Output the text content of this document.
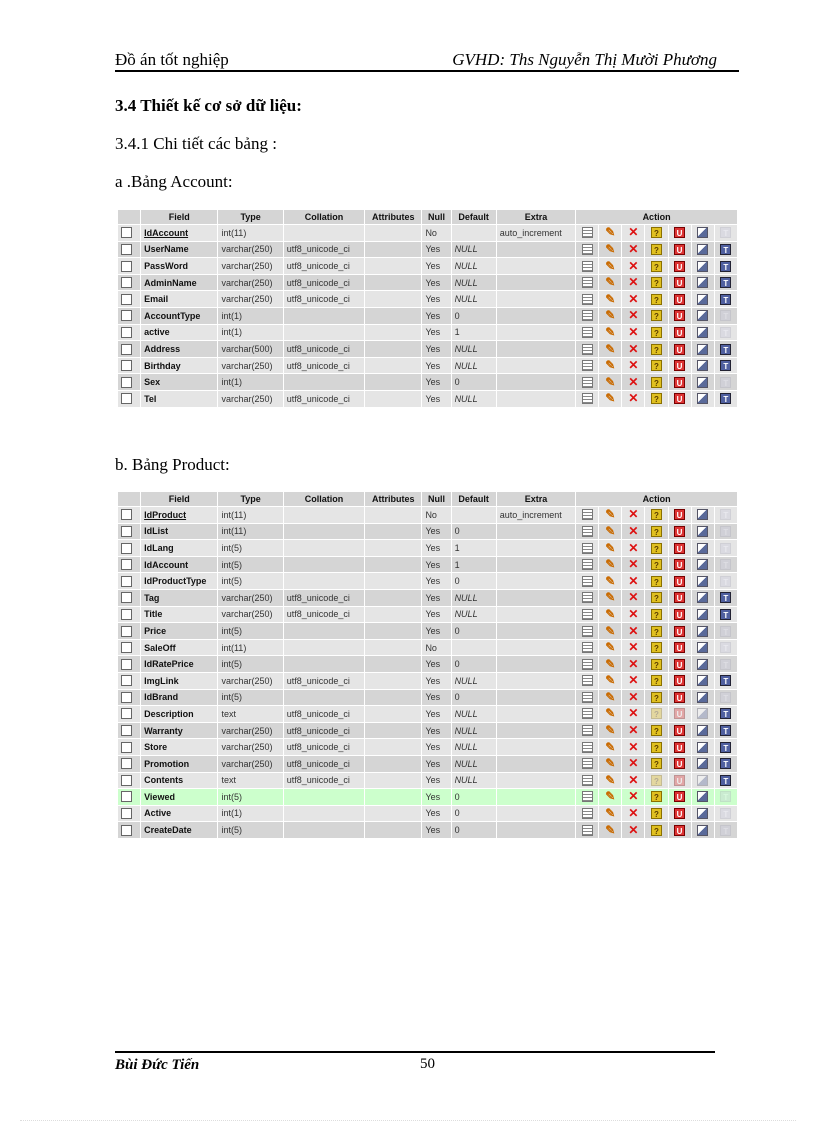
Đồ án tốt nghiệp	GVHD: Ths Nguyễn Thị Mười Phương
3.4 Thiết kế cơ sở dữ liệu:
3.4.1 Chi tiết các bảng :
a .Bảng Account:
	Field	Type	Collation	Attributes	Null	Default	Extra	Action						
	IdAccount	int(11)			No		auto_increment		✎	✕	?	U		T
	UserName	varchar(250)	utf8_unicode_ci		Yes	NULL			✎	✕	?	U		T
	PassWord	varchar(250)	utf8_unicode_ci		Yes	NULL			✎	✕	?	U		T
	AdminName	varchar(250)	utf8_unicode_ci		Yes	NULL			✎	✕	?	U		T
	Email	varchar(250)	utf8_unicode_ci		Yes	NULL			✎	✕	?	U		T
	AccountType	int(1)			Yes	0			✎	✕	?	U		T
	active	int(1)			Yes	1			✎	✕	?	U		T
	Address	varchar(500)	utf8_unicode_ci		Yes	NULL			✎	✕	?	U		T
	Birthday	varchar(250)	utf8_unicode_ci		Yes	NULL			✎	✕	?	U		T
	Sex	int(1)			Yes	0			✎	✕	?	U		T
	Tel	varchar(250)	utf8_unicode_ci		Yes	NULL			✎	✕	?	U		T
b. Bảng Product:
	Field	Type	Collation	Attributes	Null	Default	Extra	Action						
	IdProduct	int(11)			No		auto_increment		✎	✕	?	U		T
	IdList	int(11)			Yes	0			✎	✕	?	U		T
	IdLang	int(5)			Yes	1			✎	✕	?	U		T
	IdAccount	int(5)			Yes	1			✎	✕	?	U		T
	IdProductType	int(5)			Yes	0			✎	✕	?	U		T
	Tag	varchar(250)	utf8_unicode_ci		Yes	NULL			✎	✕	?	U		T
	Title	varchar(250)	utf8_unicode_ci		Yes	NULL			✎	✕	?	U		T
	Price	int(5)			Yes	0			✎	✕	?	U		T
	SaleOff	int(11)			No				✎	✕	?	U		T
	IdRatePrice	int(5)			Yes	0			✎	✕	?	U		T
	ImgLink	varchar(250)	utf8_unicode_ci		Yes	NULL			✎	✕	?	U		T
	IdBrand	int(5)			Yes	0			✎	✕	?	U		T
	Description	text	utf8_unicode_ci		Yes	NULL			✎	✕	?	U		T
	Warranty	varchar(250)	utf8_unicode_ci		Yes	NULL			✎	✕	?	U		T
	Store	varchar(250)	utf8_unicode_ci		Yes	NULL			✎	✕	?	U		T
	Promotion	varchar(250)	utf8_unicode_ci		Yes	NULL			✎	✕	?	U		T
	Contents	text	utf8_unicode_ci		Yes	NULL			✎	✕	?	U		T
	Viewed	int(5)			Yes	0			✎	✕	?	U		T
	Active	int(1)			Yes	0			✎	✕	?	U		T
	CreateDate	int(5)			Yes	0			✎	✕	?	U		T
Bùi Đức Tiến	50
